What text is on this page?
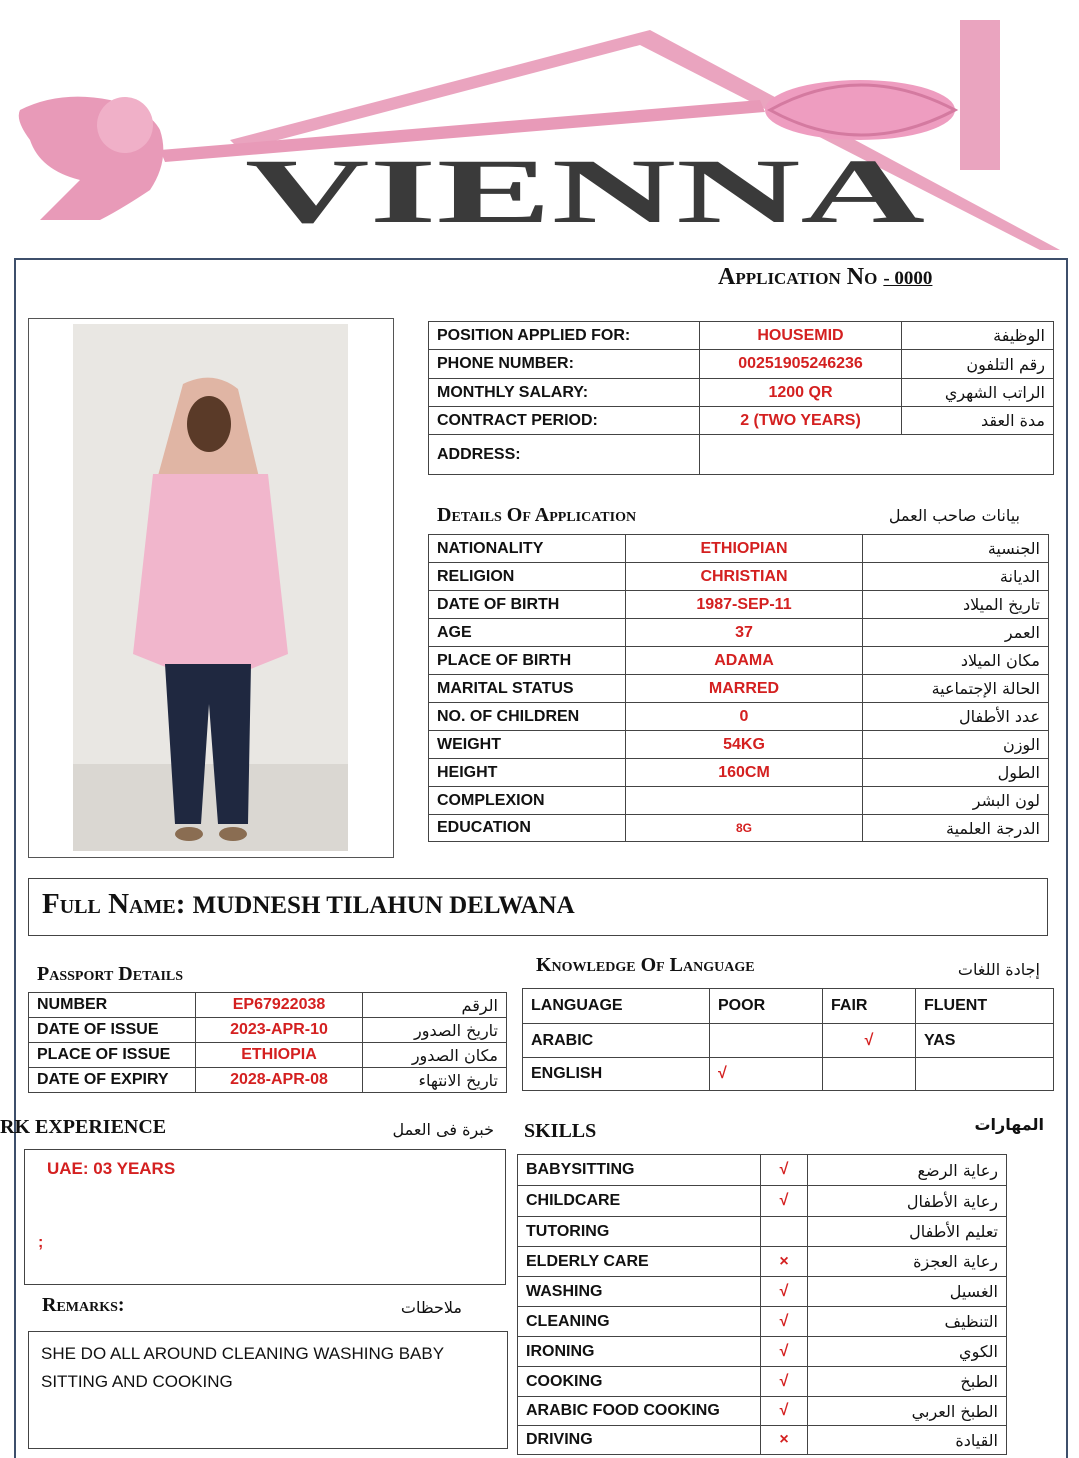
VIENNA
Application No - 0000
POSITION APPLIED FOR:	HOUSEMID	الوظيفة
PHONE NUMBER:	00251905246236	رقم التلفون
MONTHLY SALARY:	1200 QR	الراتب الشهري
CONTRACT PERIOD:	2 (TWO YEARS)	مدة العقد
ADDRESS:		
Details Of Application	بيانات صاحب العمل
NATIONALITY	ETHIOPIAN	الجنسية
RELIGION	CHRISTIAN	الديانة
DATE OF BIRTH	1987-SEP-11	تاريخ الميلاد
AGE	37	العمر
PLACE OF BIRTH	ADAMA	مكان الميلاد
MARITAL STATUS	MARRED	الحالة الإجتماعية
NO. OF CHILDREN	0	عدد الأطفال
WEIGHT	54KG	الوزن
HEIGHT	160CM	الطول
COMPLEXION		لون البشر
EDUCATION	8G	الدرجة العلمية
Full Name: MUDNESH TILAHUN DELWANA
Passport Details
NUMBER	EP67922038	الرقم
DATE OF ISSUE	2023-APR-10	تاريخ الصدور
PLACE OF ISSUE	ETHIOPIA	مكان الصدور
DATE OF EXPIRY	2028-APR-08	تاريخ الانتهاء
Knowledge Of Language	إجادة اللغات
LANGUAGE	POOR	FAIR	FLUENT
ARABIC		√	YAS
ENGLISH	√		
RK EXPERIENCE	خبرة فى العمل
UAE: 03 YEARS
;
Remarks:	ملاحظات
SHE DO ALL AROUND CLEANING WASHING BABY SITTING AND COOKING
SKILLS	المهارات
BABYSITTING	√	رعاية الرضع
CHILDCARE	√	رعاية الأطفال
TUTORING		تعليم الأطفال
ELDERLY CARE	×	رعاية العجزة
WASHING	√	الغسيل
CLEANING	√	التنظيف
IRONING	√	الكوي
COOKING	√	الطبخ
ARABIC FOOD COOKING	√	الطبخ العربي
DRIVING	×	القيادة
